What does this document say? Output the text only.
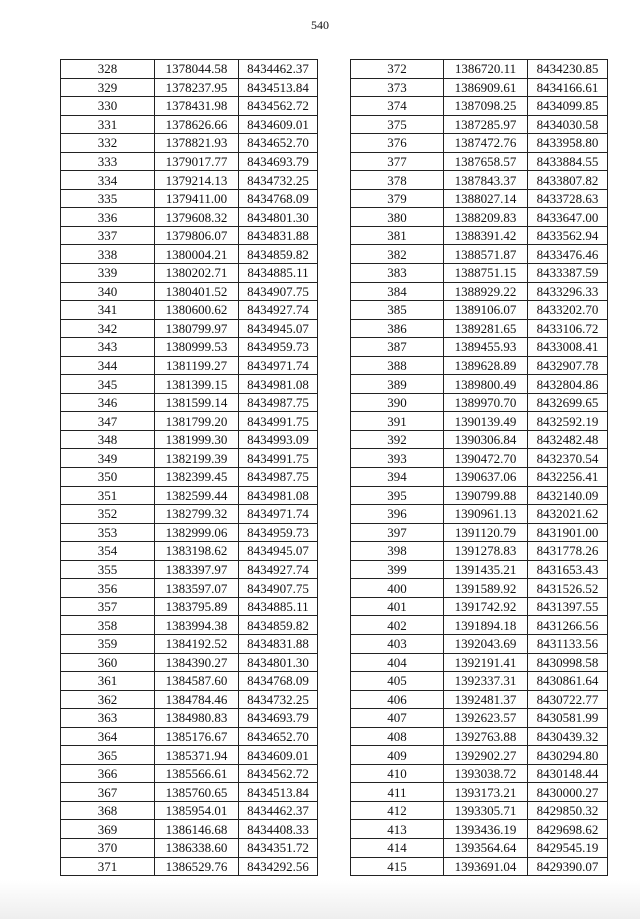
540
328	1378044.58	8434462.37
329	1378237.95	8434513.84
330	1378431.98	8434562.72
331	1378626.66	8434609.01
332	1378821.93	8434652.70
333	1379017.77	8434693.79
334	1379214.13	8434732.25
335	1379411.00	8434768.09
336	1379608.32	8434801.30
337	1379806.07	8434831.88
338	1380004.21	8434859.82
339	1380202.71	8434885.11
340	1380401.52	8434907.75
341	1380600.62	8434927.74
342	1380799.97	8434945.07
343	1380999.53	8434959.73
344	1381199.27	8434971.74
345	1381399.15	8434981.08
346	1381599.14	8434987.75
347	1381799.20	8434991.75
348	1381999.30	8434993.09
349	1382199.39	8434991.75
350	1382399.45	8434987.75
351	1382599.44	8434981.08
352	1382799.32	8434971.74
353	1382999.06	8434959.73
354	1383198.62	8434945.07
355	1383397.97	8434927.74
356	1383597.07	8434907.75
357	1383795.89	8434885.11
358	1383994.38	8434859.82
359	1384192.52	8434831.88
360	1384390.27	8434801.30
361	1384587.60	8434768.09
362	1384784.46	8434732.25
363	1384980.83	8434693.79
364	1385176.67	8434652.70
365	1385371.94	8434609.01
366	1385566.61	8434562.72
367	1385760.65	8434513.84
368	1385954.01	8434462.37
369	1386146.68	8434408.33
370	1386338.60	8434351.72
371	1386529.76	8434292.56
372	1386720.11	8434230.85
373	1386909.61	8434166.61
374	1387098.25	8434099.85
375	1387285.97	8434030.58
376	1387472.76	8433958.80
377	1387658.57	8433884.55
378	1387843.37	8433807.82
379	1388027.14	8433728.63
380	1388209.83	8433647.00
381	1388391.42	8433562.94
382	1388571.87	8433476.46
383	1388751.15	8433387.59
384	1388929.22	8433296.33
385	1389106.07	8433202.70
386	1389281.65	8433106.72
387	1389455.93	8433008.41
388	1389628.89	8432907.78
389	1389800.49	8432804.86
390	1389970.70	8432699.65
391	1390139.49	8432592.19
392	1390306.84	8432482.48
393	1390472.70	8432370.54
394	1390637.06	8432256.41
395	1390799.88	8432140.09
396	1390961.13	8432021.62
397	1391120.79	8431901.00
398	1391278.83	8431778.26
399	1391435.21	8431653.43
400	1391589.92	8431526.52
401	1391742.92	8431397.55
402	1391894.18	8431266.56
403	1392043.69	8431133.56
404	1392191.41	8430998.58
405	1392337.31	8430861.64
406	1392481.37	8430722.77
407	1392623.57	8430581.99
408	1392763.88	8430439.32
409	1392902.27	8430294.80
410	1393038.72	8430148.44
411	1393173.21	8430000.27
412	1393305.71	8429850.32
413	1393436.19	8429698.62
414	1393564.64	8429545.19
415	1393691.04	8429390.07
